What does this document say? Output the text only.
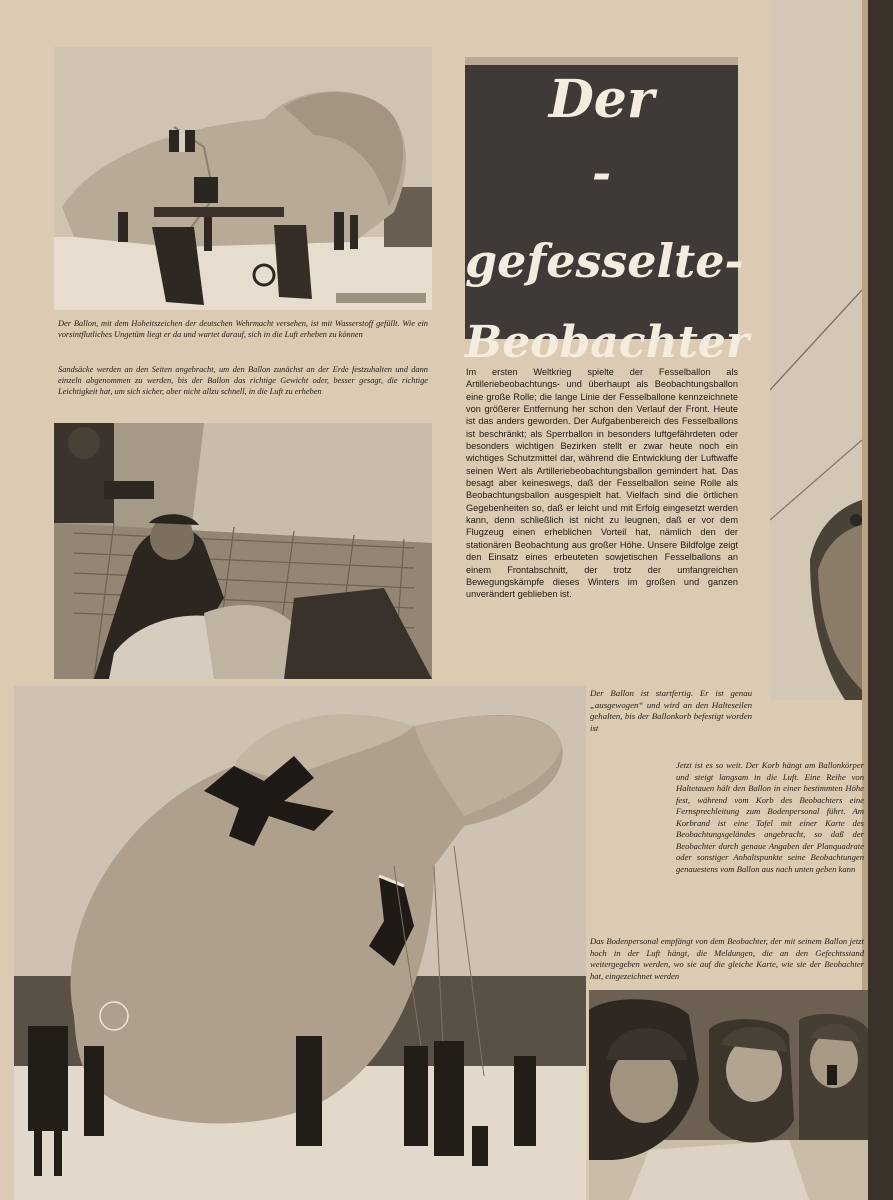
Der Ballon, mit dem Hoheitszeichen der deutschen Wehrmacht versehen, ist mit Wasserstoff gefüllt. Wie ein vorsintflutliches Ungetüm liegt er da und wartet darauf, sich in die Luft erheben zu können

Sandsäcke werden an den Seiten angebracht, um den Ballon zunächst an der Erde festzuhalten und dann einzeln abgenommen zu werden, bis der Ballon das richtige Gewicht oder, besser gesagt, die richtige Leichtigkeit hat, um sich sicher, aber nicht allzu schnell, in die Luft zu erheben

Der
-gefesselte-
Beobachter

Im ersten Weltkrieg spielte der Fesselballon als Artilleriebeobachtungs- und überhaupt als Beobachtungsballon eine große Rolle; die lange Linie der Fesselballone kennzeichnete von größerer Entfernung her schon den Verlauf der Front. Heute ist das anders geworden. Der Aufgabenbereich des Fesselballons ist beschränkt; als Sperrballon in besonders luftgefährdeten oder besonders wichtigen Bezirken stellt er zwar heute noch ein wichtiges Schutzmittel dar, während die Entwicklung der Luftwaffe seinen Wert als Artilleriebeobachtungsballon gemindert hat. Das besagt aber keineswegs, daß der Fesselballon seine Rolle als Beobachtungsballon ausgespielt hat. Vielfach sind die örtlichen Gegebenheiten so, daß er leicht und mit Erfolg eingesetzt werden kann, denn schließlich ist nicht zu leugnen, daß er vor dem Flugzeug einen erheblichen Vorteil hat, nämlich den der stationären Beobachtung aus großer Höhe. Unsere Bildfolge zeigt den Einsatz eines erbeuteten sowjetischen Fesselballons an einem Frontabschnitt, der trotz der umfangreichen Bewegungskämpfe dieses Winters im großen und ganzen unverändert geblieben ist.

Der Ballon ist startfertig. Er ist genau „ausgewogen“ und wird an den Halteseilen gehalten, bis der Ballonkorb befestigt worden ist

Jetzt ist es so weit. Der Korb hängt am Ballonkörper und steigt langsam in die Luft. Eine Reihe von Haltetauen hält den Ballon in einer bestimmten Höhe fest, während vom Korb des Beobachters eine Fernsprechleitung zum Bodenpersonal führt. Am Korbrand ist eine Tafel mit einer Karte des Beobachtungsgeländes angebracht, so daß der Beobachter durch genaue Angaben der Planquadrate oder sonstiger Anhaltspunkte seine Beobachtungen genauestens vom Ballon aus nach unten geben kann

Das Bodenpersonal empfängt von dem Beobachter, der mit seinem Ballon jetzt hoch in der Luft hängt, die Meldungen, die an den Gefechtsstand weitergegeben werden, wo sie auf die gleiche Karte, wie sie der Beobachter hat, eingezeichnet werden
